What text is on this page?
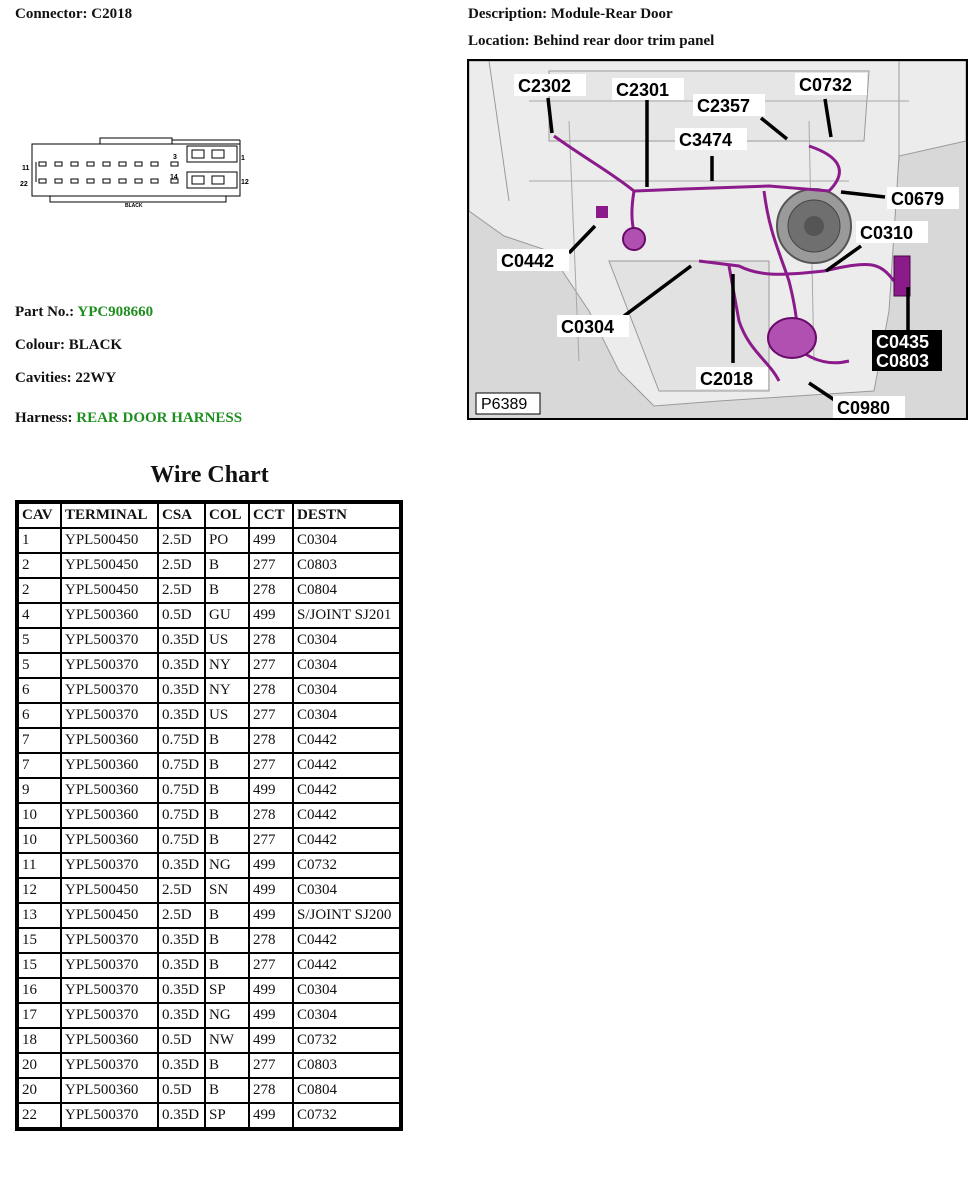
Connector: C2018	Description: Module-Rear Door
Location: Behind rear door trim panel
11
1
22	12
3
14
BLACK
C2302 C2301
C2357
C0732
C3474
C0679
C0442
C0310
C0304
C0435
C0803
C2018
C0980
P6389
Part No.: YPC908660
Colour: BLACK
Cavities: 22WY
Harness: REAR DOOR HARNESS
Wire Chart
CAV	TERMINAL	CSA	COL	CCT	DESTN
1	YPL500450	2.5D	PO	499	C0304
2	YPL500450	2.5D	B	277	C0803
2	YPL500450	2.5D	B	278	C0804
4	YPL500360	0.5D	GU	499	S/JOINT SJ201
5	YPL500370	0.35D	US	278	C0304
5	YPL500370	0.35D	NY	277	C0304
6	YPL500370	0.35D	NY	278	C0304
6	YPL500370	0.35D	US	277	C0304
7	YPL500360	0.75D	B	278	C0442
7	YPL500360	0.75D	B	277	C0442
9	YPL500360	0.75D	B	499	C0442
10	YPL500360	0.75D	B	278	C0442
10	YPL500360	0.75D	B	277	C0442
11	YPL500370	0.35D	NG	499	C0732
12	YPL500450	2.5D	SN	499	C0304
13	YPL500450	2.5D	B	499	S/JOINT SJ200
15	YPL500370	0.35D	B	278	C0442
15	YPL500370	0.35D	B	277	C0442
16	YPL500370	0.35D	SP	499	C0304
17	YPL500370	0.35D	NG	499	C0304
18	YPL500360	0.5D	NW	499	C0732
20	YPL500370	0.35D	B	277	C0803
20	YPL500360	0.5D	B	278	C0804
22	YPL500370	0.35D	SP	499	C0732
